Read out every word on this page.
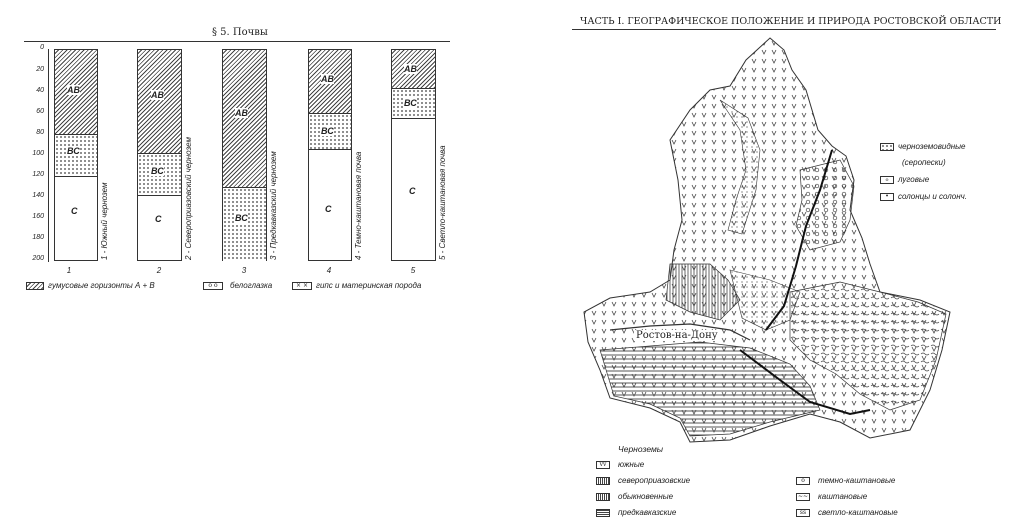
§ 5. Почвы
0
20
40
60
80
100
120
140
160
180
200
АВ
ВС
С	1 - Южный чернозем
1
АВ
ВС
С	2 - Североприазовский чернозем
2
АВ
ВС	3 - Предкавказский чернозем
3
АВ
ВС
С	4 - Темно-каштановая почва
4
АВ
ВС
С	5 - Светло-каштановая почва
5
гумусовые горизонты А + В	o o	белоглазка	× ×	гипс и материнская порода
ЧАСТЬ I. ГЕОГРАФИЧЕСКОЕ ПОЛОЖЕНИЕ И ПРИРОДА РОСТОВСКОЙ ОБЛАСТИ
Ростов-на-Дону
черноземовидные
(серопески)
o	луговые
•	солонцы и солонч.
Черноземы
vv	южные
североприазовские
обыкновенные
предкавказские
o	темно-каштановые
~~ каштановые
ss	светло-каштановые
